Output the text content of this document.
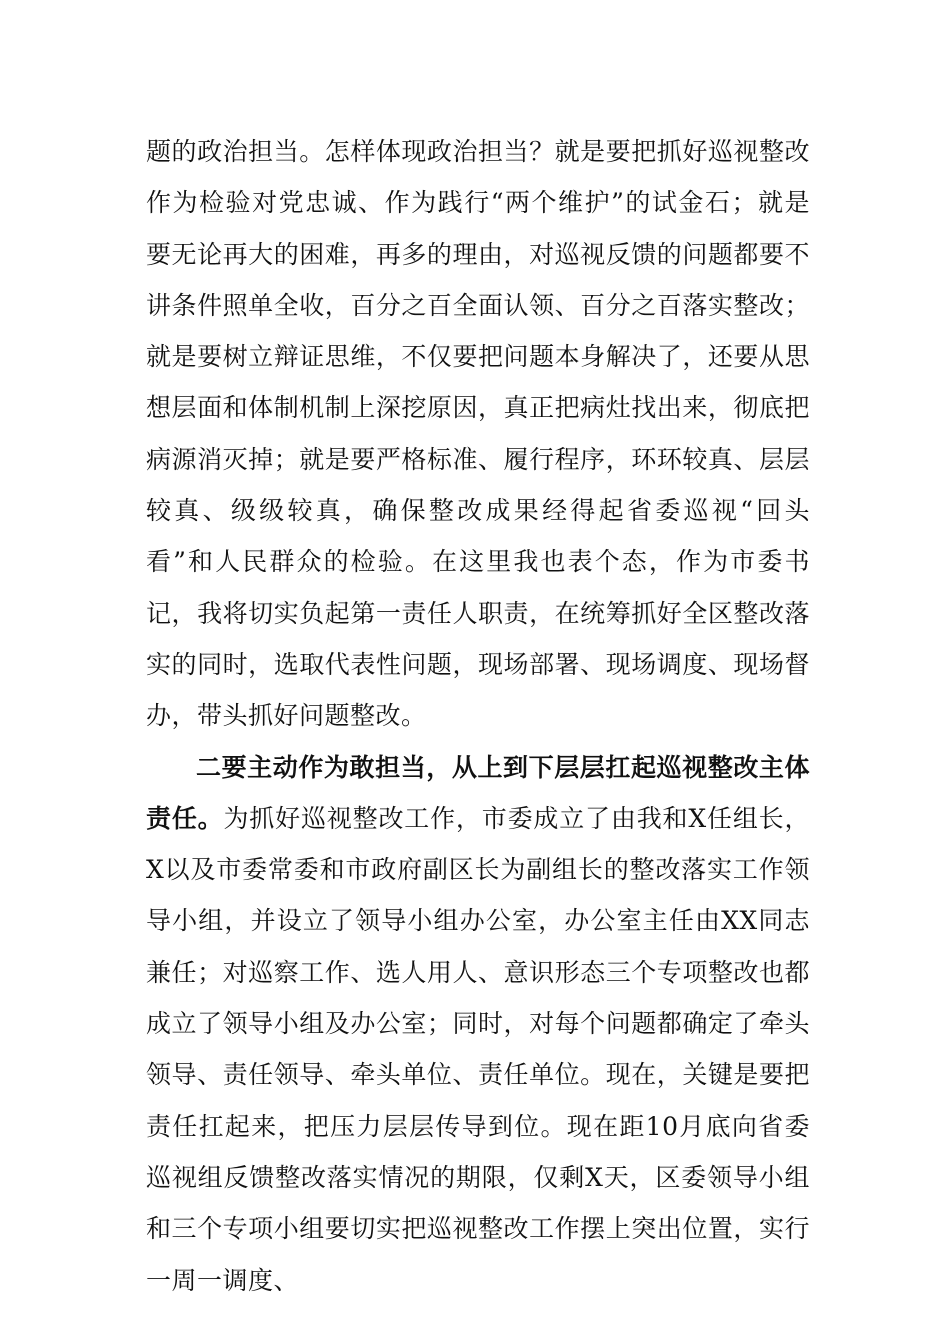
题的政治担当。怎样体现政治担当？就是要把抓好巡视整改作为检验对党忠诚、作为践行“两个维护”的试金石；就是要无论再大的困难，再多的理由，对巡视反馈的问题都要不讲条件照单全收，百分之百全面认领、百分之百落实整改；就是要树立辩证思维，不仅要把问题本身解决了，还要从思想层面和体制机制上深挖原因，真正把病灶找出来，彻底把病源消灭掉；就是要严格标准、履行程序，环环较真、层层较真、级级较真，确保整改成果经得起省委巡视“回头看”和人民群众的检验。在这里我也表个态，作为市委书记，我将切实负起第一责任人职责，在统筹抓好全区整改落实的同时，选取代表性问题，现场部署、现场调度、现场督办，带头抓好问题整改。

二要主动作为敢担当，从上到下层层扛起巡视整改主体责任。为抓好巡视整改工作，市委成立了由我和X任组长，X以及市委常委和市政府副区长为副组长的整改落实工作领导小组，并设立了领导小组办公室，办公室主任由XX同志兼任；对巡察工作、选人用人、意识形态三个专项整改也都成立了领导小组及办公室；同时，对每个问题都确定了牵头领导、责任领导、牵头单位、责任单位。现在，关键是要把责任扛起来，把压力层层传导到位。现在距10月底向省委巡视组反馈整改落实情况的期限，仅剩X天，区委领导小组和三个专项小组要切实把巡视整改工作摆上突出位置，实行一周一调度、
